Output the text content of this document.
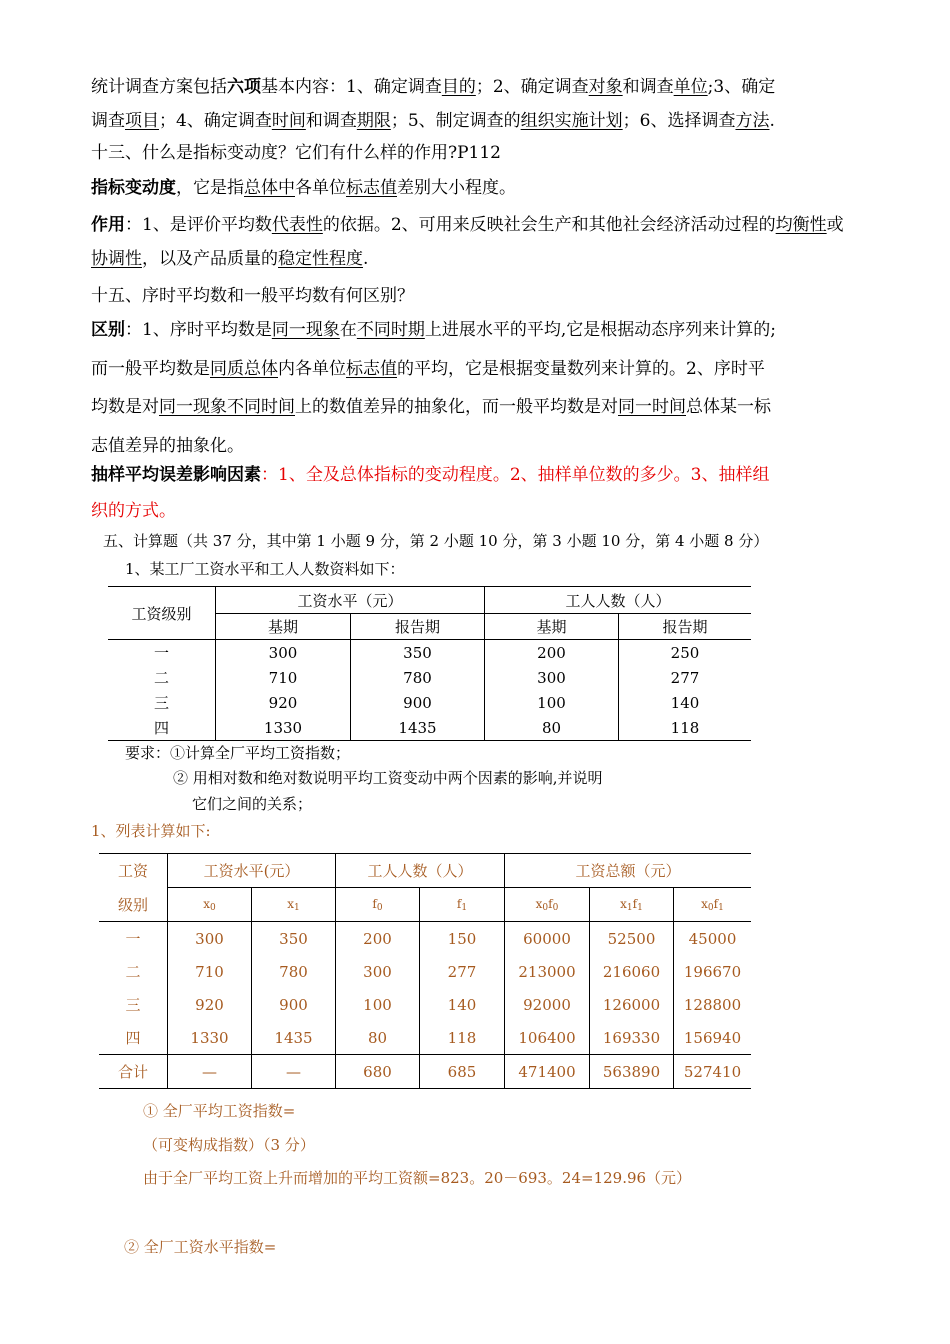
统计调查方案包括六项基本内容：1、确定调查目的；2、确定调查对象和调查单位;3、确定
调查项目；4、确定调查时间和调查期限；5、制定调查的组织实施计划；6、选择调查方法.
十三、什么是指标变动度？它们有什么样的作用?P112
指标变动度，它是指总体中各单位标志值差别大小程度。
作用：1、是评价平均数代表性的依据。2、可用来反映社会生产和其他社会经济活动过程的均衡性或协调性，以及产品质量的稳定性程度.
十五、序时平均数和一般平均数有何区别？
区别：1、序时平均数是同一现象在不同时期上进展水平的平均,它是根据动态序列来计算的;
而一般平均数是同质总体内各单位标志值的平均，它是根据变量数列来计算的。2、序时平
均数是对同一现象不同时间上的数值差异的抽象化，而一般平均数是对同一时间总体某一标
志值差异的抽象化。
抽样平均误差影响因素：1、全及总体指标的变动程度。2、抽样单位数的多少。3、抽样组
织的方式。
五、计算题（共 37 分，其中第 1 小题 9 分，第 2 小题 10 分，第 3 小题 10 分，第 4 小题 8 分）
1、某工厂工资水平和工人人数资料如下：
工资级别	工资水平（元）		工人人数（人）	
	基期	报告期	基期	报告期
一	300	350	200	250
二	710	780	300	277
三	920	900	100	140
四	1330	1435	80	118
要求：①计算全厂平均工资指数；
② 用相对数和绝对数说明平均工资变动中两个因素的影响,并说明
它们之间的关系；
1、列表计算如下:
工资	工资水平(元）		工人人数（人）		工资总额（元）		
级别	$x_0$	$x_1$	$f_0$	$f_1$	$x_0f_0$	$x_1f_1$	$x_0f_1$
一	300	350	200	150	60000	52500	45000
二	710	780	300	277	213000	216060	196670
三	920	900	100	140	92000	126000	128800
四	1330	1435	80	118	106400	169330	156940
合计	—	—	680	685	471400	563890	527410
① 全厂平均工资指数=
（可变构成指数）（3 分）
由于全厂平均工资上升而增加的平均工资额=823。20－693。24=129.96（元）
② 全厂工资水平指数=
